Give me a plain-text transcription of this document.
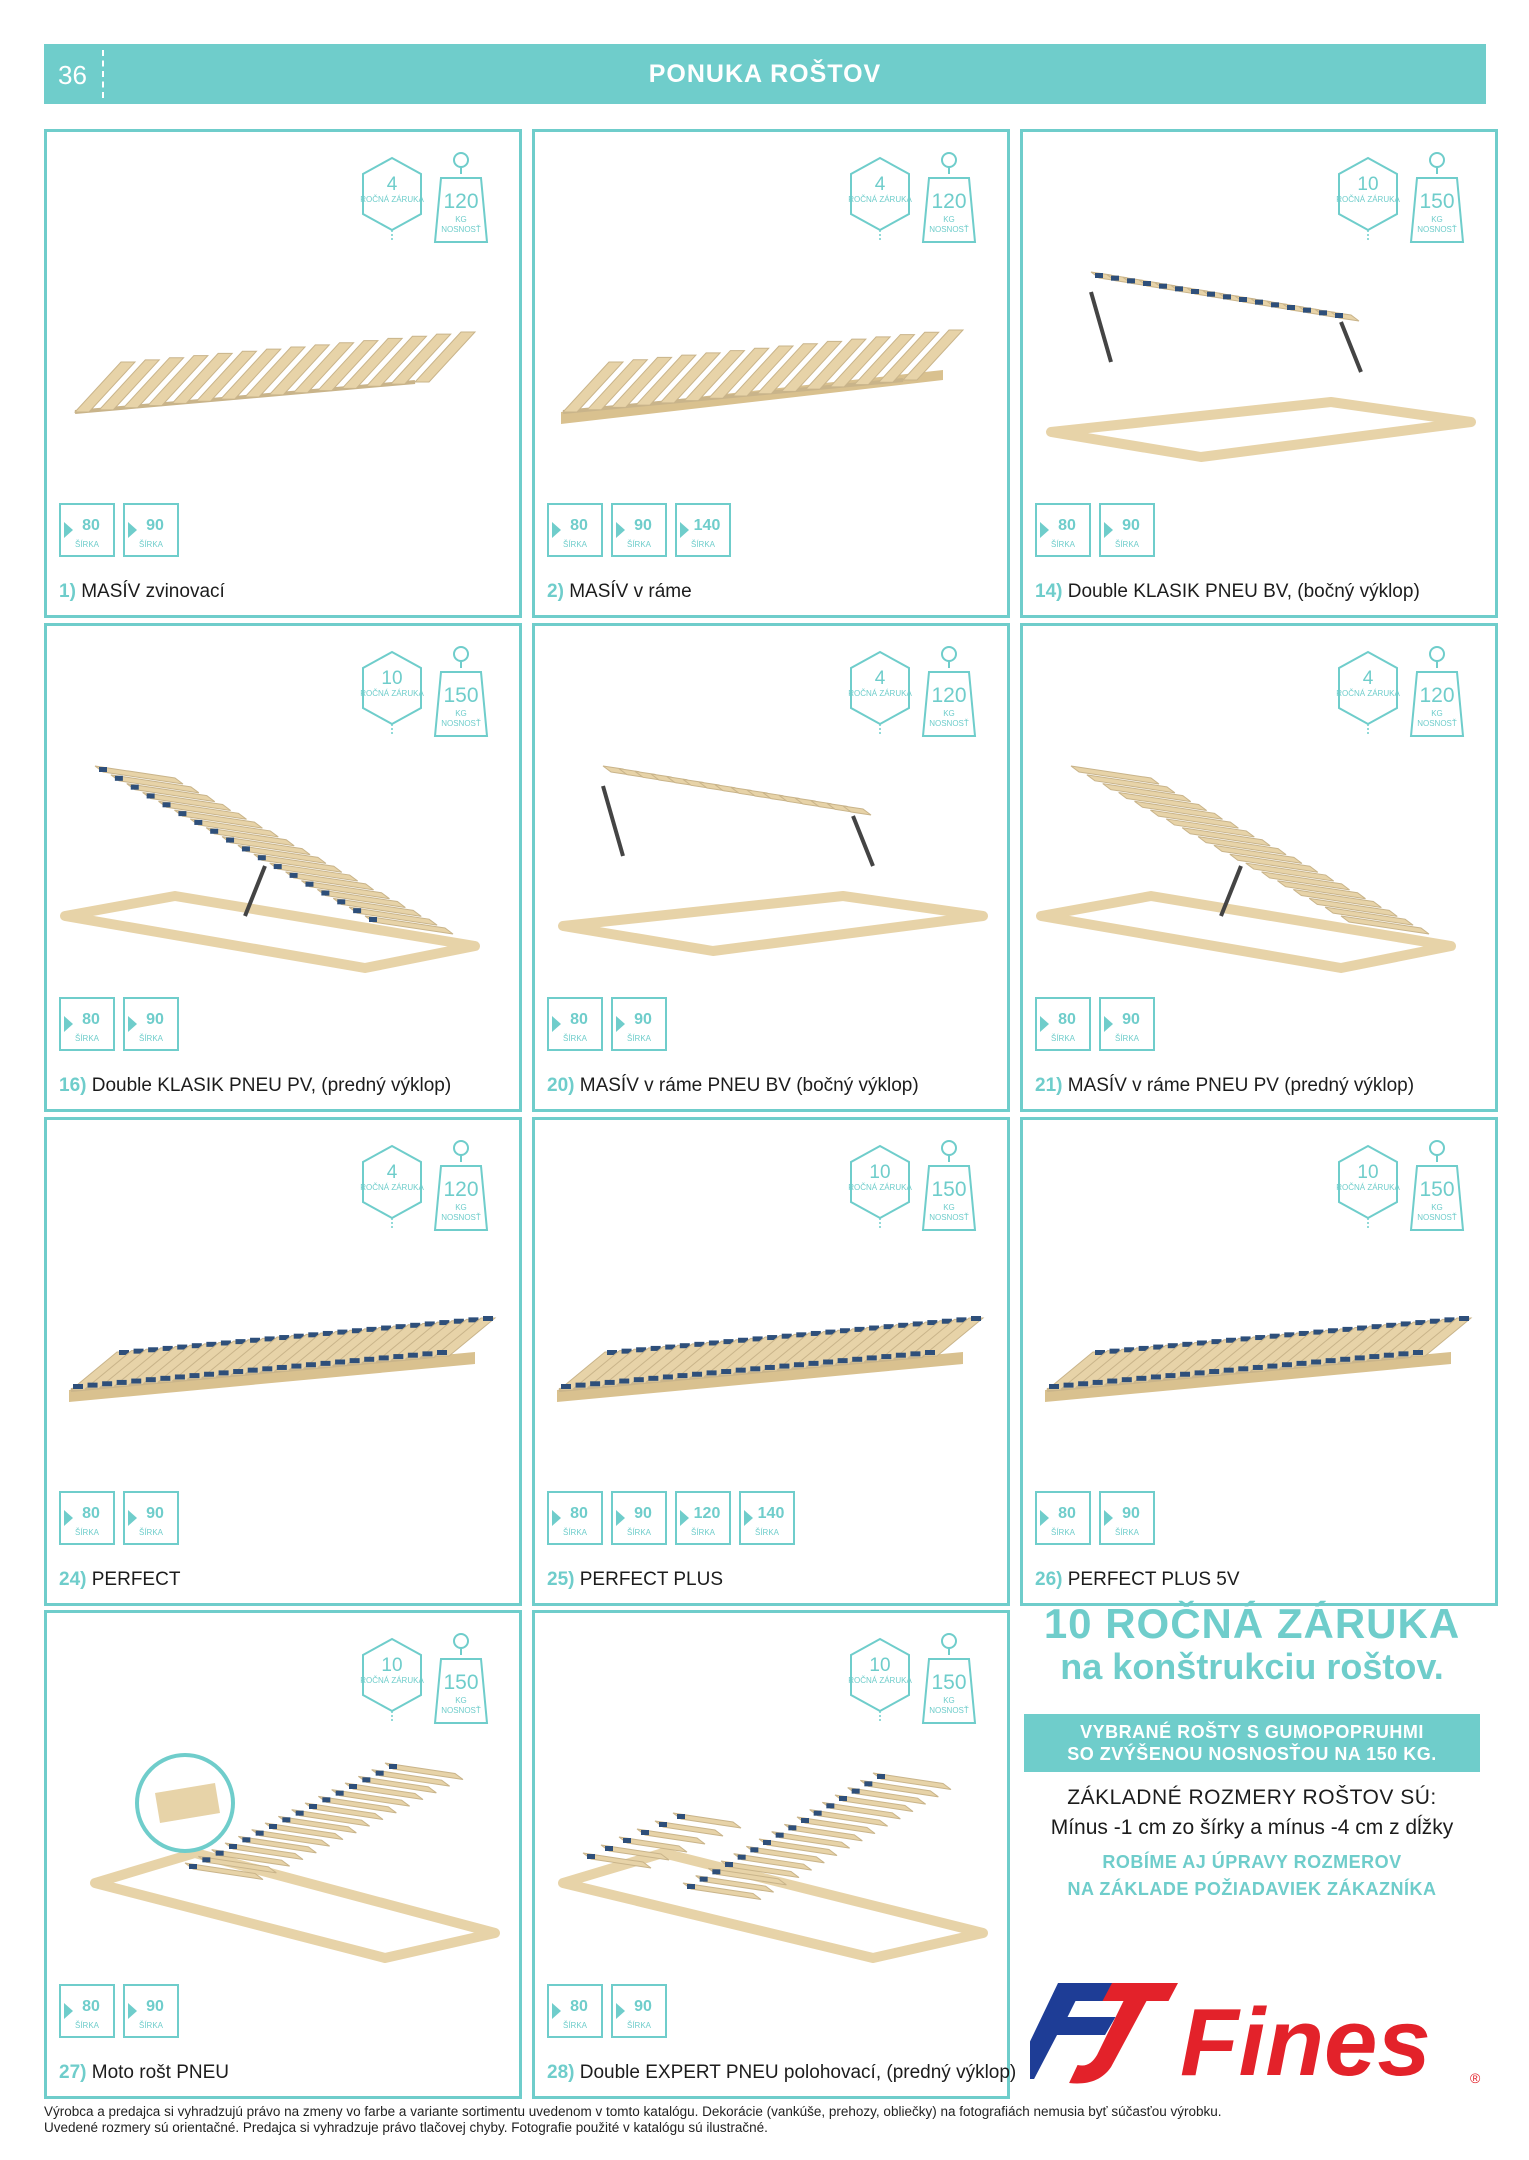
36	PONUKA ROŠTOV
4
ROČNÁ ZÁRUKA 120
KG
NOSNOSŤ
80
ŠÍRKA
90
ŠÍRKA
1) MASÍV zvinovací
4
ROČNÁ ZÁRUKA 120
KG
NOSNOSŤ
80
ŠÍRKA
90
ŠÍRKA
140
ŠÍRKA
2) MASÍV v ráme
10
ROČNÁ ZÁRUKA 150
KG
NOSNOSŤ
80
ŠÍRKA
90
ŠÍRKA
14) Double KLASIK PNEU BV, (bočný výklop)
10
ROČNÁ ZÁRUKA 150
KG
NOSNOSŤ
80
ŠÍRKA
90
ŠÍRKA
16) Double KLASIK PNEU PV, (predný výklop)
4
ROČNÁ ZÁRUKA 120
KG
NOSNOSŤ
80
ŠÍRKA
90
ŠÍRKA
20) MASÍV v ráme PNEU BV (bočný výklop)
4
ROČNÁ ZÁRUKA 120
KG
NOSNOSŤ
80
ŠÍRKA
90
ŠÍRKA
21) MASÍV v ráme PNEU PV (predný výklop)
4
ROČNÁ ZÁRUKA 120
KG
NOSNOSŤ
80
ŠÍRKA
90
ŠÍRKA
24) PERFECT
10
ROČNÁ ZÁRUKA 150
KG
NOSNOSŤ
80
ŠÍRKA
90
ŠÍRKA
120
ŠÍRKA
140
ŠÍRKA
25) PERFECT PLUS
10
ROČNÁ ZÁRUKA 150
KG
NOSNOSŤ
80
ŠÍRKA
90
ŠÍRKA
26) PERFECT PLUS 5V
10
ROČNÁ ZÁRUKA 150
KG
NOSNOSŤ
80
ŠÍRKA
90
ŠÍRKA
27) Moto rošt PNEU
10
ROČNÁ ZÁRUKA 150
KG
NOSNOSŤ
80
ŠÍRKA
90
ŠÍRKA
28) Double EXPERT PNEU polohovací, (predný výklop)
10 ROČNÁ ZÁRUKA
na konštrukciu roštov.
VYBRANÉ ROŠTY S GUMOPOPRUHMI
SO ZVÝŠENOU NOSNOSŤOU NA 150 KG.
ZÁKLADNÉ ROZMERY ROŠTOV SÚ:
Mínus -1 cm zo šírky a mínus -4 cm z dĺžky
ROBÍME AJ ÚPRAVY ROZMEROV
NA ZÁKLADE POŽIADAVIEK ZÁKAZNÍKA
Fines	®
Výrobca a predajca si vyhradzujú právo na zmeny vo farbe a variante sortimentu uvedenom v tomto katalógu. Dekorácie (vankúše, prehozy, obliečky) na fotografiách nemusia byť súčasťou výrobku.
Uvedené rozmery sú orientačné. Predajca si vyhradzuje právo tlačovej chyby. Fotografie použité v katalógu sú ilustračné.
